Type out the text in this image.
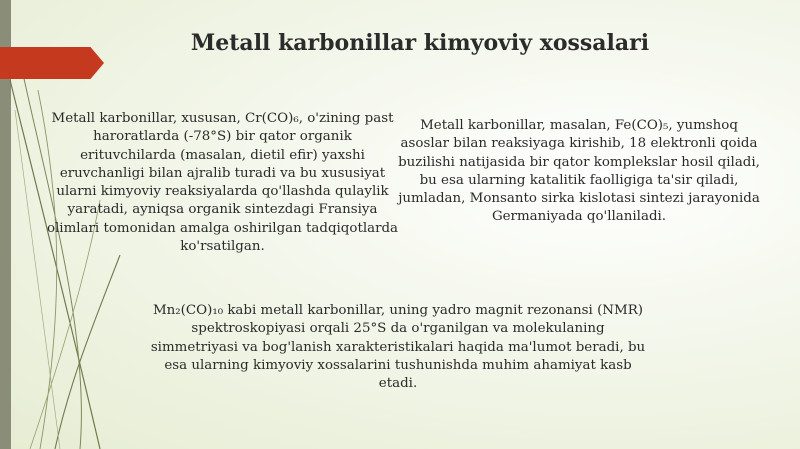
Metall karbonillar kimyoviy xossalari

Metall karbonillar, xususan, Cr(CO)₆, o'zining past haroratlarda (-78°S) bir qator organik erituvchilarda (masalan, dietil efir) yaxshi eruvchanligi bilan ajralib turadi va bu xususiyat ularni kimyoviy reaksiyalarda qo'llashda qulaylik yaratadi, ayniqsa organik sintezdagi Fransiya olimlari tomonidan amalga oshirilgan tadqiqotlarda ko'rsatilgan.

Metall karbonillar, masalan, Fe(CO)₅, yumshoq asoslar bilan reaksiyaga kirishib, 18 elektronli qoida buzilishi natijasida bir qator komplekslar hosil qiladi, bu esa ularning katalitik faolligiga ta'sir qiladi, jumladan, Monsanto sirka kislotasi sintezi jarayonida Germaniyada qo'llaniladi.

Mn₂(CO)₁₀ kabi metall karbonillar, uning yadro magnit rezonansi (NMR) spektroskopiyasi orqali 25°S da o'rganilgan va molekulaning simmetriyasi va bog'lanish xarakteristikalari haqida ma'lumot beradi, bu esa ularning kimyoviy xossalarini tushunishda muhim ahamiyat kasb etadi.
